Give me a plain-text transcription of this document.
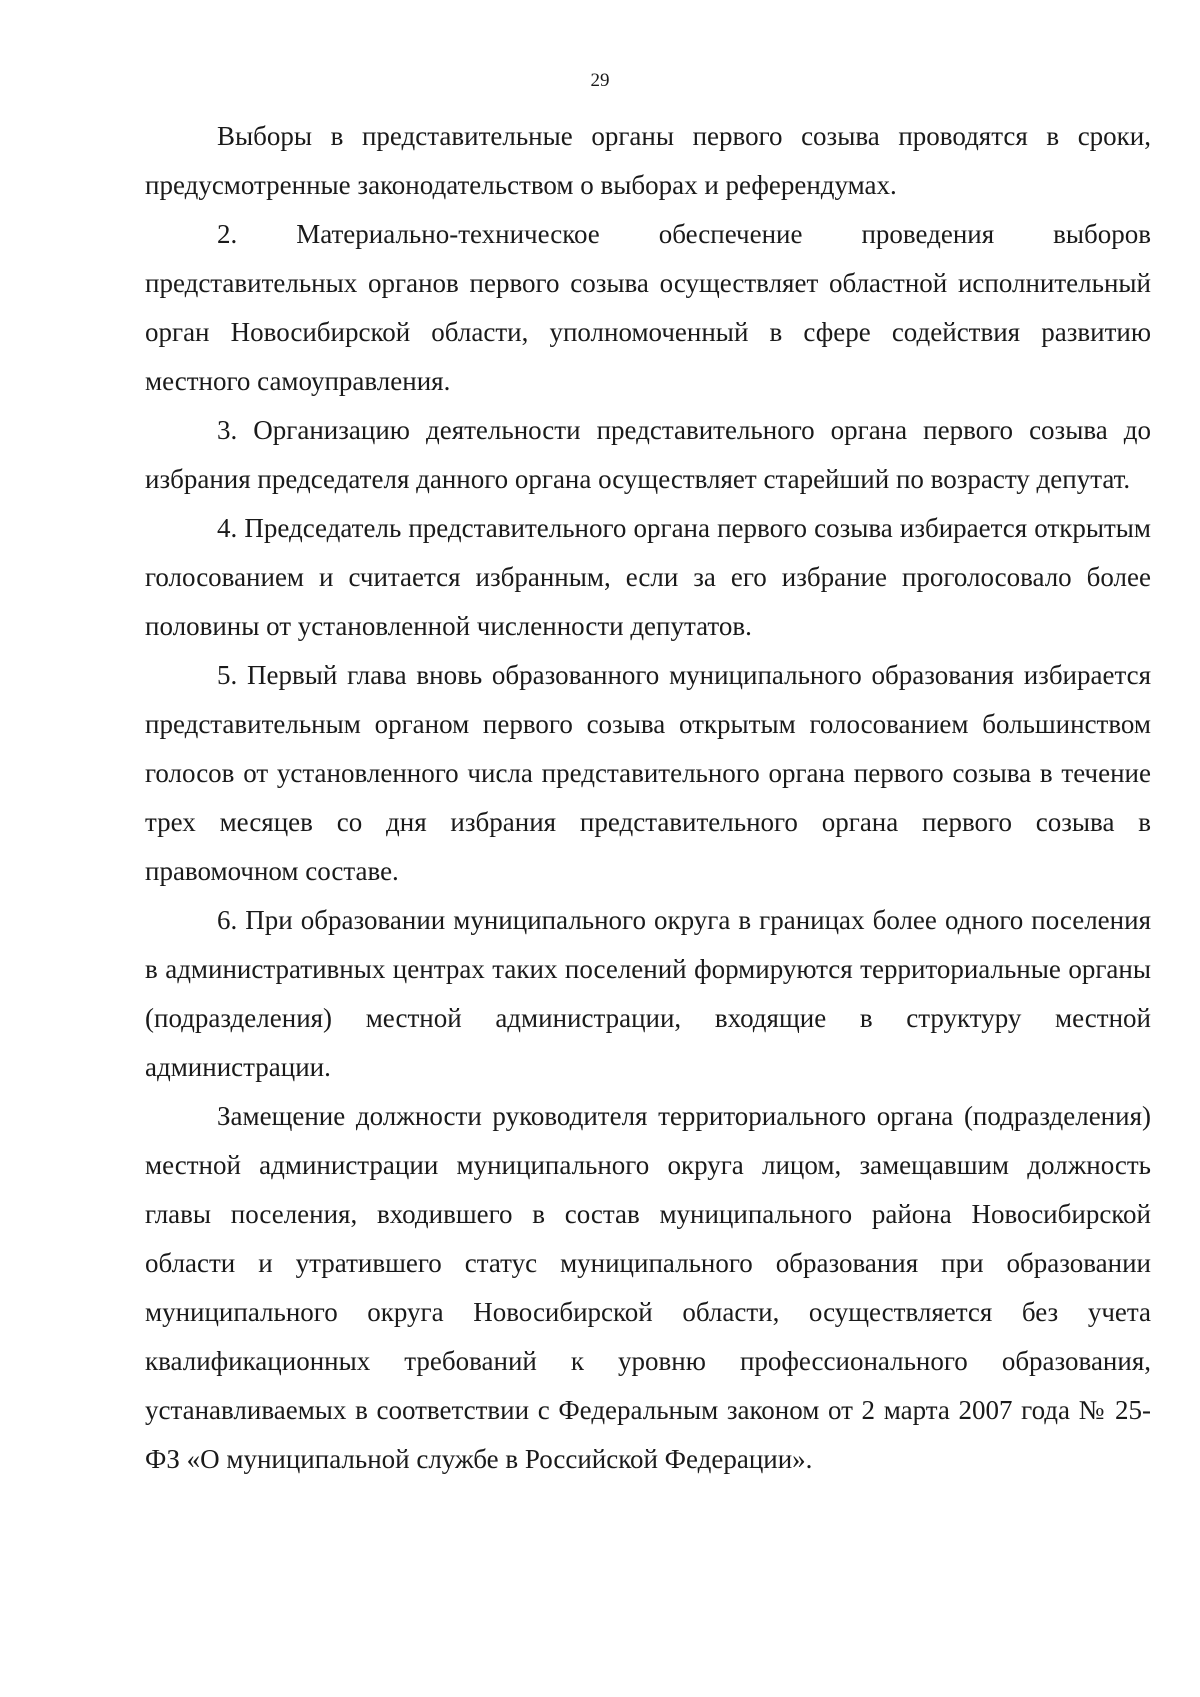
29

Выборы в представительные органы первого созыва проводятся в сроки, предусмотренные законодательством о выборах и референдумах.

2. Материально-техническое обеспечение проведения выборов представительных органов первого созыва осуществляет областной исполнительный орган Новосибирской области, уполномоченный в сфере содействия развитию местного самоуправления.

3. Организацию деятельности представительного органа первого созыва до избрания председателя данного органа осуществляет старейший по возрасту депутат.

4. Председатель представительного органа первого созыва избирается открытым голосованием и считается избранным, если за его избрание проголосовало более половины от установленной численности депутатов.

5. Первый глава вновь образованного муниципального образования избирается представительным органом первого созыва открытым голосованием большинством голосов от установленного числа представительного органа первого созыва в течение трех месяцев со дня избрания представительного органа первого созыва в правомочном составе.

6. При образовании муниципального округа в границах более одного поселения в административных центрах таких поселений формируются территориальные органы (подразделения) местной администрации, входящие в структуру местной администрации.

Замещение должности руководителя территориального органа (подразделения) местной администрации муниципального округа лицом, замещавшим должность главы поселения, входившего в состав муниципального района Новосибирской области и утратившего статус муниципального образования при образовании муниципального округа Новосибирской области, осуществляется без учета квалификационных требований к уровню профессионального образования, устанавливаемых в соответствии с Федеральным законом от 2 марта 2007 года № 25-ФЗ «О муниципальной службе в Российской Федерации».
